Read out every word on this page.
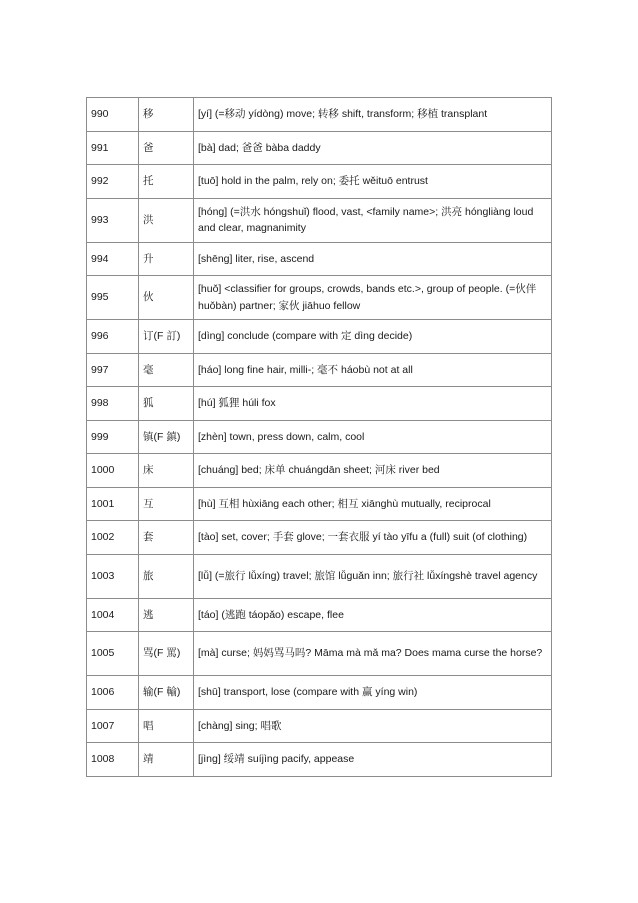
990	移	[yí] (=移动 yídòng) move; 转移 shift, transform; 移植 transplant
991	爸	[bà] dad; 爸爸 bàba daddy
992	托	[tuō] hold in the palm, rely on; 委托 wěituō entrust
993	洪	[hóng] (=洪水 hóngshuǐ) flood, vast, <family name>; 洪亮 hóngliàng loud and clear, magnanimity
994	升	[shēng] liter, rise, ascend
995	伙	[huǒ] <classifier for groups, crowds, bands etc.>, group of people. (=伙伴 huǒbàn) partner; 家伙 jiāhuo fellow
996	订(F 訂)	[dìng] conclude (compare with 定 dìng decide)
997	毫	[háo] long fine hair, milli-; 毫不 háobù not at all
998	狐	[hú] 狐狸 húli fox
999	镇(F 鎮)	[zhèn] town, press down, calm, cool
1000	床	[chuáng] bed; 床单 chuángdān sheet; 河床 river bed
1001	互	[hù] 互相 hùxiāng each other; 相互 xiānghù mutually, reciprocal
1002	套	[tào] set, cover; 手套 glove; 一套衣服 yí tào yīfu a (full) suit (of clothing)
1003	旅	[lǚ] (=旅行 lǚxíng) travel; 旅馆 lǚguǎn inn; 旅行社 lǚxíngshè travel agency
1004	逃	[táo] (逃跑 táopǎo) escape, flee
1005	骂(F 罵)	[mà] curse; 妈妈骂马吗? Māma mà mǎ ma? Does mama curse the horse?
1006	输(F 輸)	[shū] transport, lose (compare with 赢 yíng win)
1007	唱	[chàng] sing; 唱歌
1008	靖	[jìng] 绥靖 suíjìng pacify, appease
